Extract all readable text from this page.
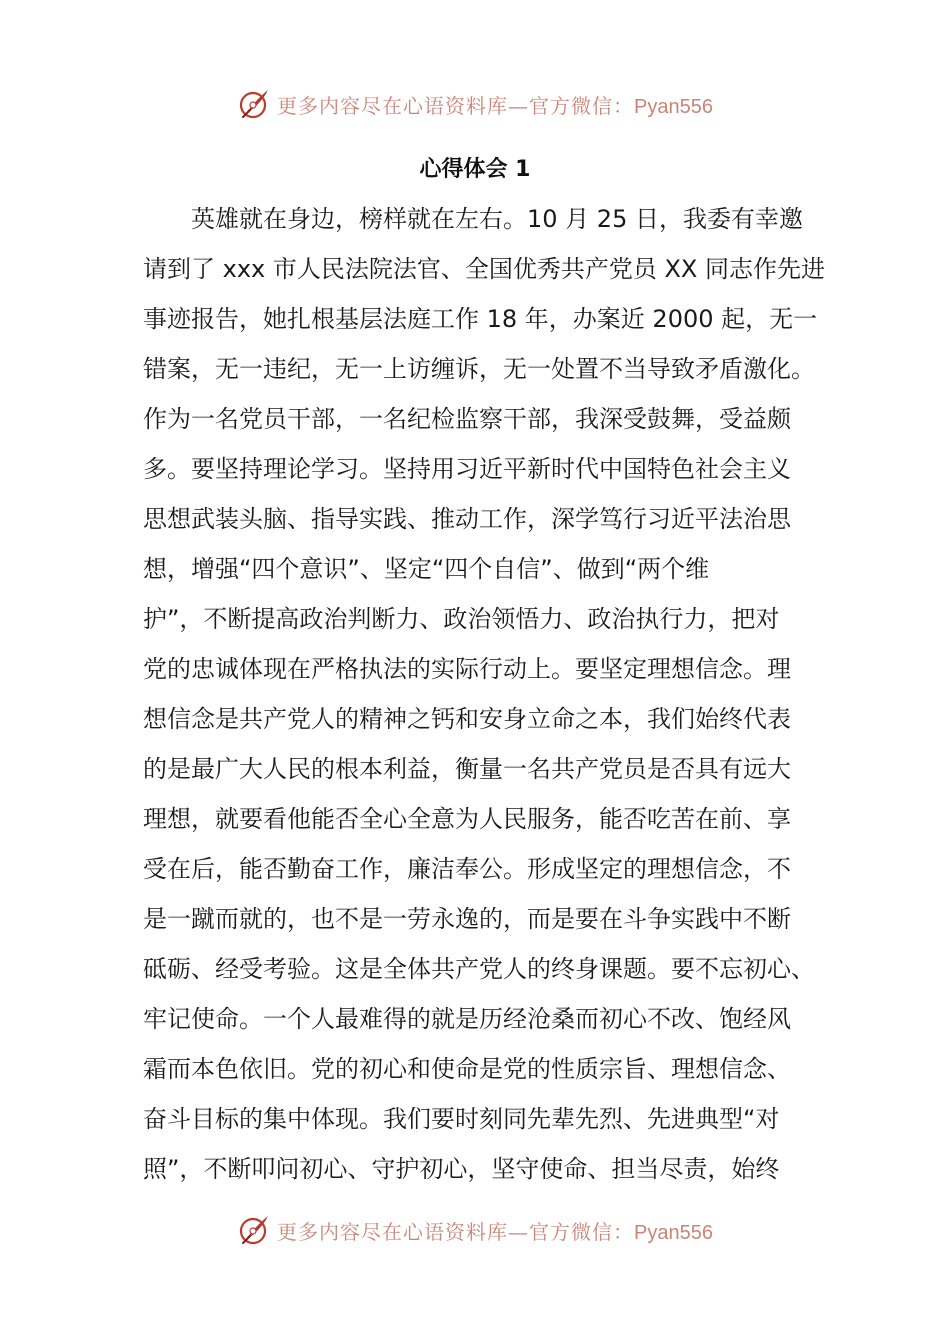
更多内容尽在心语资料库—官方微信：Pyan556
心得体会 1
英雄就在身边，榜样就在左右。10 月 25 日，我委有幸邀
请到了 xxx 市人民法院法官、全国优秀共产党员 XX 同志作先进
事迹报告，她扎根基层法庭工作 18 年，办案近 2000 起，无一
错案，无一违纪，无一上访缠诉，无一处置不当导致矛盾激化。
作为一名党员干部，一名纪检监察干部，我深受鼓舞，受益颇
多。要坚持理论学习。坚持用习近平新时代中国特色社会主义
思想武装头脑、指导实践、推动工作，深学笃行习近平法治思
想，增强“四个意识”、坚定“四个自信”、做到“两个维
护”，不断提高政治判断力、政治领悟力、政治执行力，把对
党的忠诚体现在严格执法的实际行动上。要坚定理想信念。理
想信念是共产党人的精神之钙和安身立命之本，我们始终代表
的是最广大人民的根本利益，衡量一名共产党员是否具有远大
理想，就要看他能否全心全意为人民服务，能否吃苦在前、享
受在后，能否勤奋工作，廉洁奉公。形成坚定的理想信念，不
是一蹴而就的，也不是一劳永逸的，而是要在斗争实践中不断
砥砺、经受考验。这是全体共产党人的终身课题。要不忘初心、
牢记使命。一个人最难得的就是历经沧桑而初心不改、饱经风
霜而本色依旧。党的初心和使命是党的性质宗旨、理想信念、
奋斗目标的集中体现。我们要时刻同先辈先烈、先进典型“对
照”，不断叩问初心、守护初心，坚守使命、担当尽责，始终
更多内容尽在心语资料库—官方微信：Pyan556
